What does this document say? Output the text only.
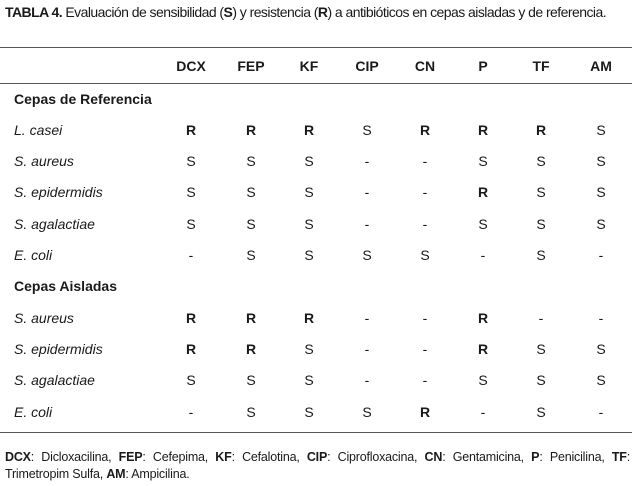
TABLA 4. Evaluación de sensibilidad (S) y resistencia (R) a antibióticos en cepas aisladas y de referencia.
	DCX	FEP	KF	CIP	CN	P	TF	AM
Cepas de Referencia								
L. casei	R	R	R	S	R	R	R	S
S. aureus	S	S	S	-	-	S	S	S
S. epidermidis	S	S	S	-	-	R	S	S
S. agalactiae	S	S	S	-	-	S	S	S
E. coli	-	S	S	S	S	-	S	-
Cepas Aisladas								
S. aureus	R	R	R	-	-	R	-	-
S. epidermidis	R	R	S	-	-	R	S	S
S. agalactiae	S	S	S	-	-	S	S	S
E. coli	-	S	S	S	R	-	S	-
DCX: Dicloxacilina, FEP: Cefepima, KF: Cefalotina, CIP: Ciprofloxacina, CN: Gentamicina, P: Penicilina, TF: Trimetropim Sulfa, AM: Ampicilina.
